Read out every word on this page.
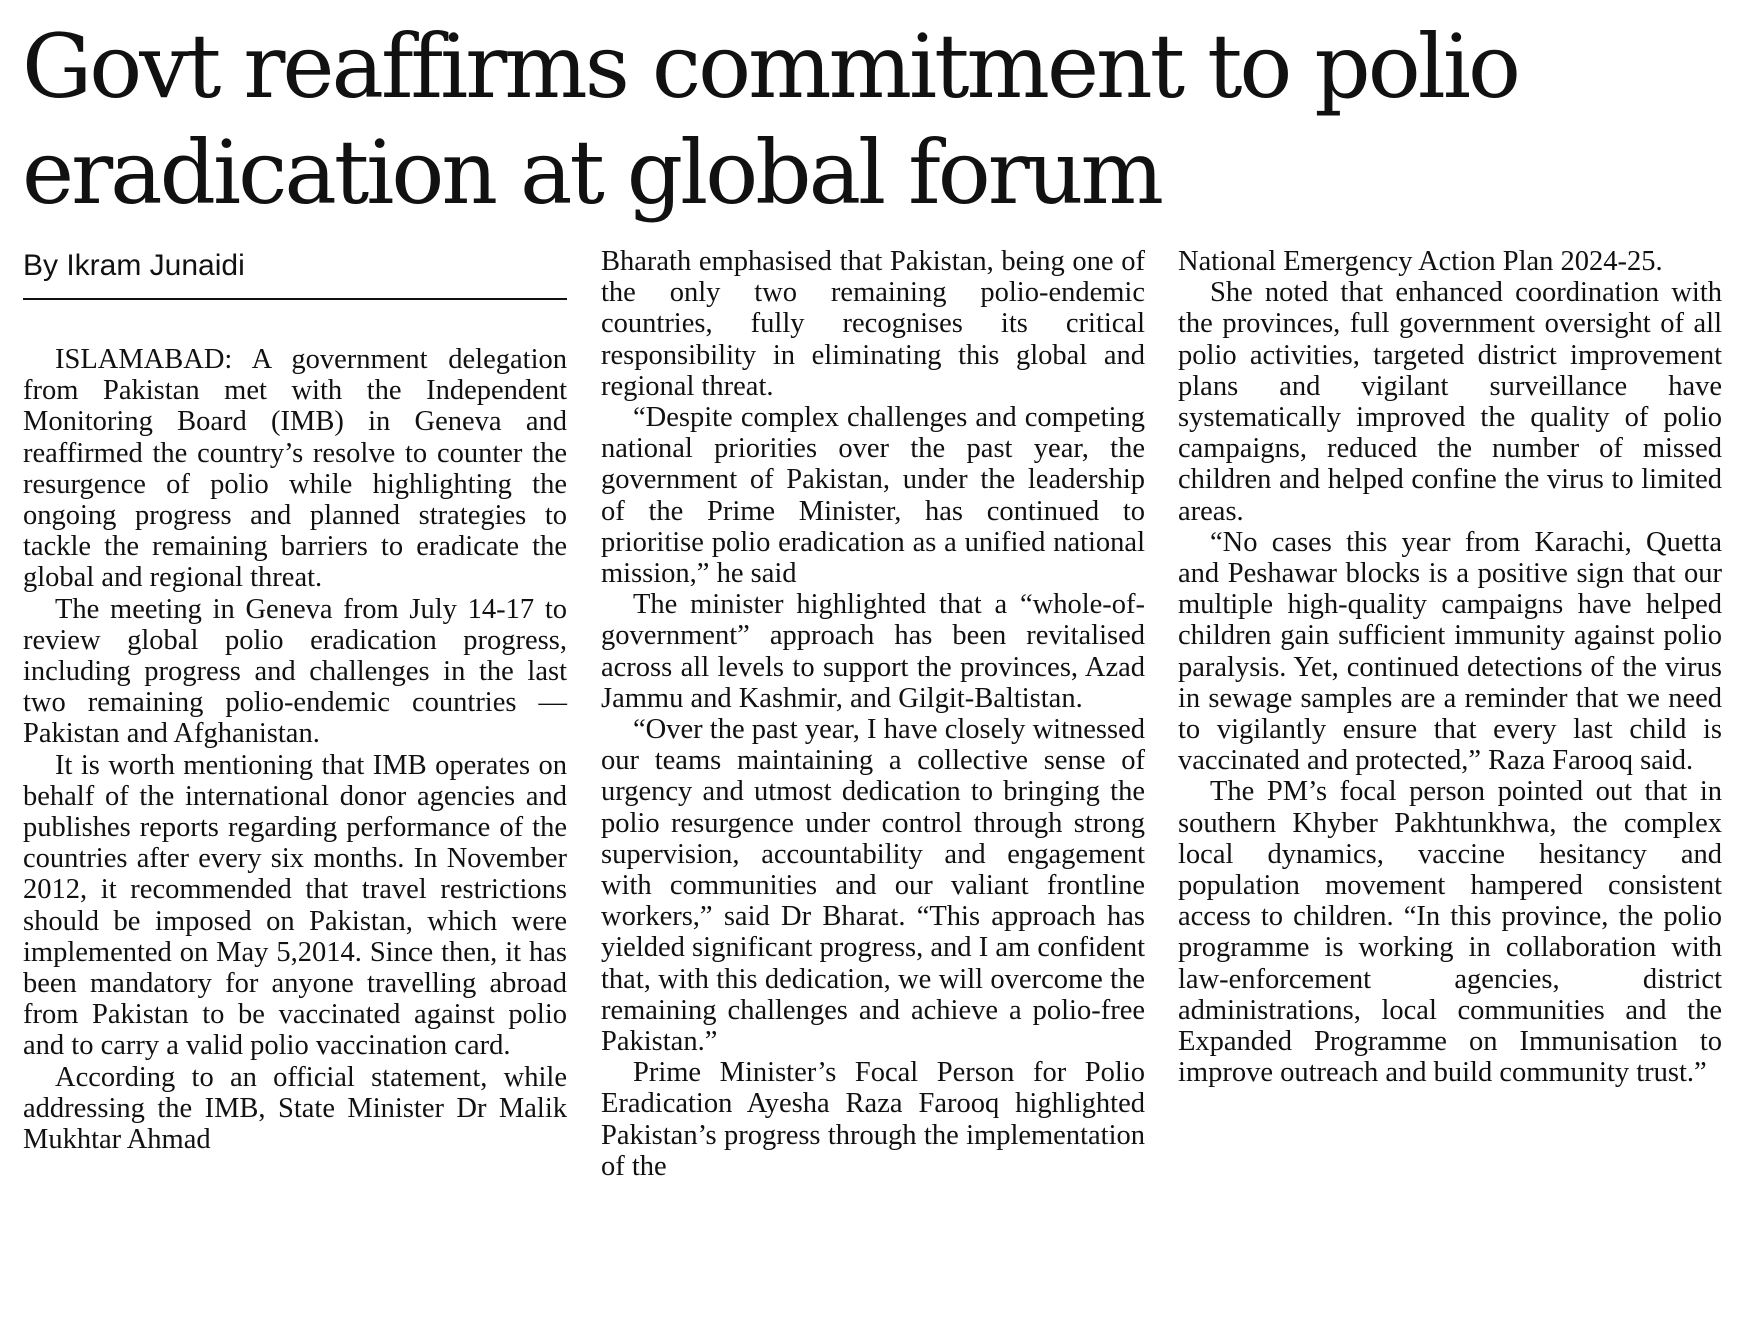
Govt reaffirms commitment to polio eradication at global forum
By Ikram Junaidi

ISLAMABAD: A government delegation from Pakistan met with the Independent Monitoring Board (IMB) in Geneva and reaffirmed the country’s resolve to counter the resurgence of polio while highlighting the ongoing progress and planned strategies to tackle the remaining barriers to eradicate the global and regional threat.

The meeting in Geneva from July 14-17 to review global polio eradication progress, including progress and challenges in the last two remaining polio-endemic countries — Pakistan and Afghanistan.

It is worth mentioning that IMB operates on behalf of the international donor agencies and publishes reports regarding performance of the countries after every six months. In November 2012, it recommended that travel restrictions should be imposed on Pakistan, which were implemented on May 5,2014. Since then, it has been mandatory for anyone travelling abroad from Pakistan to be vaccinated against polio and to carry a valid polio vaccination card.

According to an official statement, while addressing the IMB, State Minister Dr Malik Mukhtar Ahmad

Bharath emphasised that Pakistan, being one of the only two remaining polio-endemic countries, fully recognises its critical responsibility in eliminating this global and regional threat.

“Despite complex challenges and competing national priorities over the past year, the government of Pakistan, under the leadership of the Prime Minister, has continued to prioritise polio eradication as a unified national mission,” he said

The minister highlighted that a “whole-of-government” approach has been revitalised across all levels to support the provinces, Azad Jammu and Kashmir, and Gilgit-Baltistan.

“Over the past year, I have closely witnessed our teams maintaining a collective sense of urgency and utmost dedication to bringing the polio resurgence under control through strong supervision, accountability and engagement with communities and our valiant frontline workers,” said Dr Bharat. “This approach has yielded significant progress, and I am confident that, with this dedication, we will overcome the remaining challenges and achieve a polio-free Pakistan.”

Prime Minister’s Focal Person for Polio Eradication Ayesha Raza Farooq highlighted Pakistan’s progress through the implementation of the

National Emergency Action Plan 2024-25.

She noted that enhanced coordination with the provinces, full government oversight of all polio activities, targeted district improvement plans and vigilant surveillance have systematically improved the quality of polio campaigns, reduced the number of missed children and helped confine the virus to limited areas.

“No cases this year from Karachi, Quetta and Peshawar blocks is a positive sign that our multiple high-quality campaigns have helped children gain sufficient immunity against polio paralysis. Yet, continued detections of the virus in sewage samples are a reminder that we need to vigilantly ensure that every last child is vaccinated and protected,” Raza Farooq said.

The PM’s focal person pointed out that in southern Khyber Pakhtunkhwa, the complex local dynamics, vaccine hesitancy and population movement hampered consistent access to children. “In this province, the polio programme is working in collaboration with law-enforcement agencies, district administrations, local communities and the Expanded Programme on Immunisation to improve outreach and build community trust.”
